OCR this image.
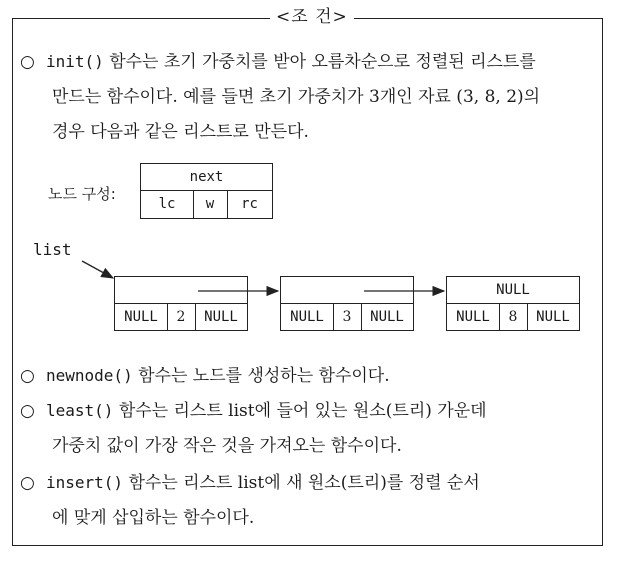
<조 건>

○ init() 함수는 초기 가중치를 받아 오름차순으로 정렬된 리스트를
만드는 함수이다. 예를 들면 초기 가중치가 3개인 자료 (3, 8, 2)의
경우 다음과 같은 리스트로 만든다.

노드 구성:
next
lc	w	rc
list
NULL	2	NULL	NULL	3	NULL
NULL
NULL	8	NULL

○ newnode() 함수는 노드를 생성하는 함수이다.

○ least() 함수는 리스트 list에 들어 있는 원소(트리) 가운데
가중치 값이 가장 작은 것을 가져오는 함수이다.

○ insert() 함수는 리스트 list에 새 원소(트리)를 정렬 순서
에 맞게 삽입하는 함수이다.
